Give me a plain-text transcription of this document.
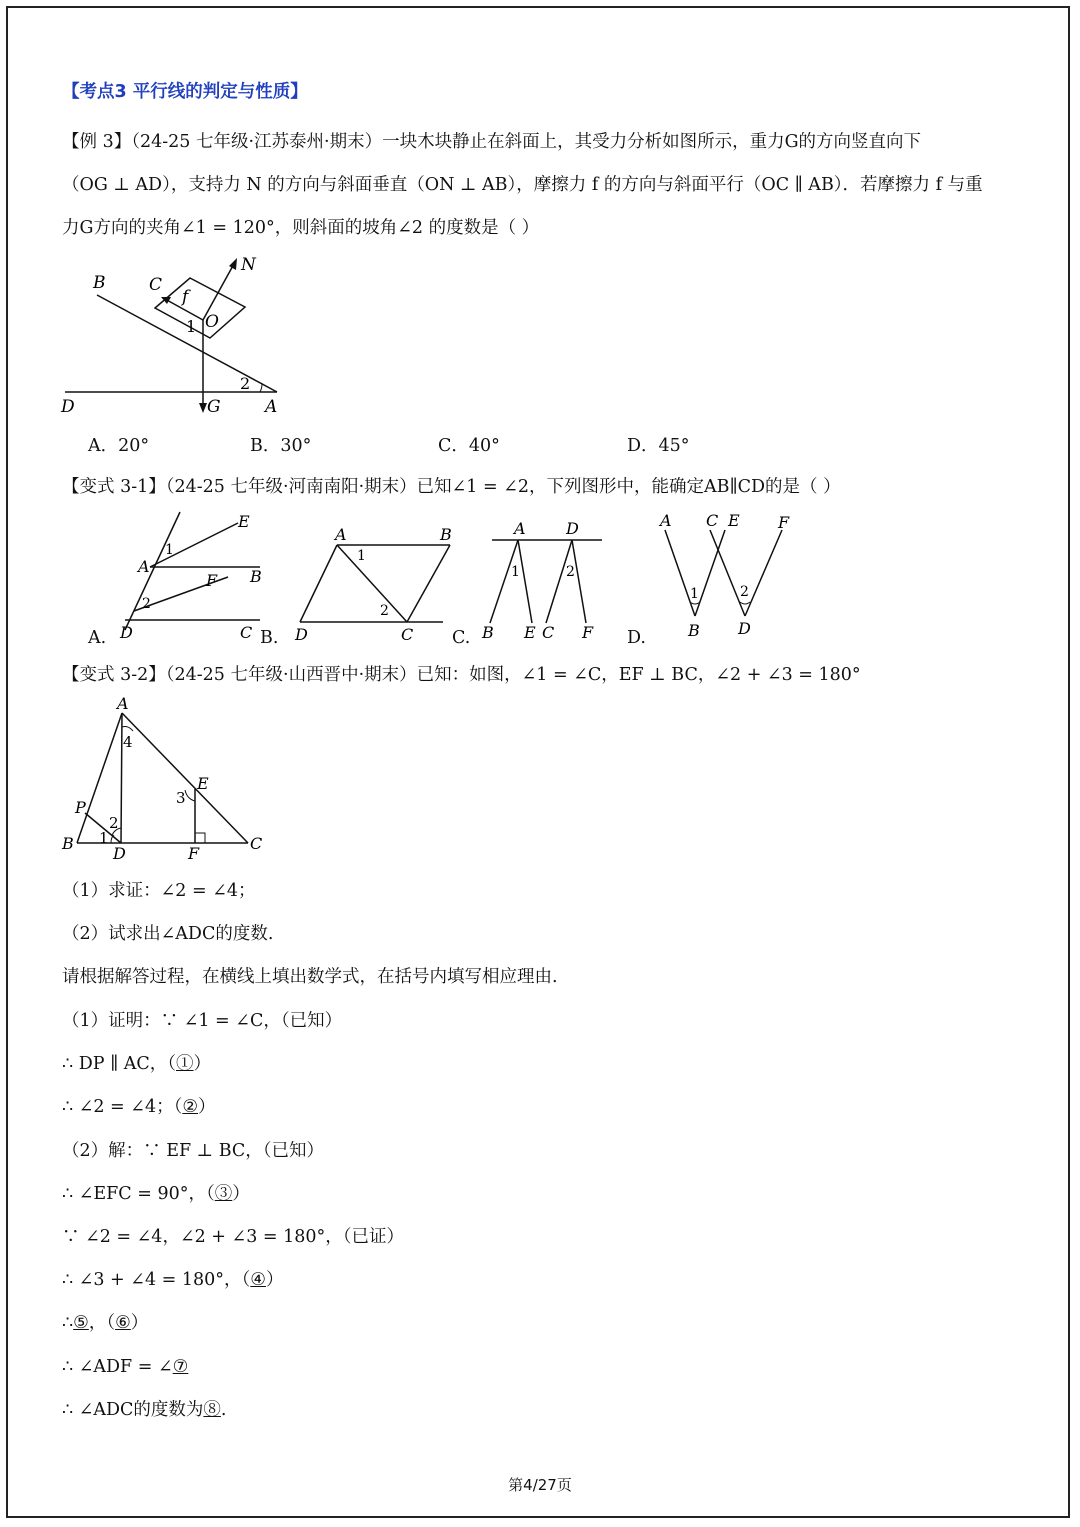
【考点3 平行线的判定与性质】
【例 3】（24-25 七年级·江苏泰州·期末）一块木块静止在斜面上，其受力分析如图所示，重力G的方向竖直向下
（OG ⊥ AD），支持力 N 的方向与斜面垂直（ON ⊥ AB），摩擦力 f 的方向与斜面平行（OC ∥ AB）．若摩擦力 f 与重
力G方向的夹角∠1 = 120°，则斜面的坡角∠2 的度数是（ ）
B	C
f
N
1 O
2
D	G	A
A．20°	B．30°	C．40°	D．45°
【变式 3-1】（24-25 七年级·河南南阳·期末）已知∠1 = ∠2，下列图形中，能确定AB∥CD的是（ ）
E
1
A
B
F
2
D	C
A.
A
1
B
2
D	C
B.
A	D
1	2
B E C F
C.
A C E F
1	2
B D
D.
【变式 3-2】（24-25 七年级·山西晋中·期末）已知：如图，∠1 = ∠C，EF ⊥ BC，∠2 + ∠3 = 180°
A
4
E
3
P
2
B 1
D	F
C
（1）求证：∠2 = ∠4；
（2）试求出∠ADC的度数.
请根据解答过程，在横线上填出数学式，在括号内填写相应理由.
（1）证明：∵ ∠1 = ∠C，（已知）
∴ DP ∥ AC，（①）
∴ ∠2 = ∠4；（②）
（2）解：∵ EF ⊥ BC，（已知）
∴ ∠EFC = 90°，（③）
∵ ∠2 = ∠4，∠2 + ∠3 = 180°，（已证）
∴ ∠3 + ∠4 = 180°，（④）
∴⑤，（⑥）
∴ ∠ADF = ∠⑦
∴ ∠ADC的度数为⑧.
第4/27页
